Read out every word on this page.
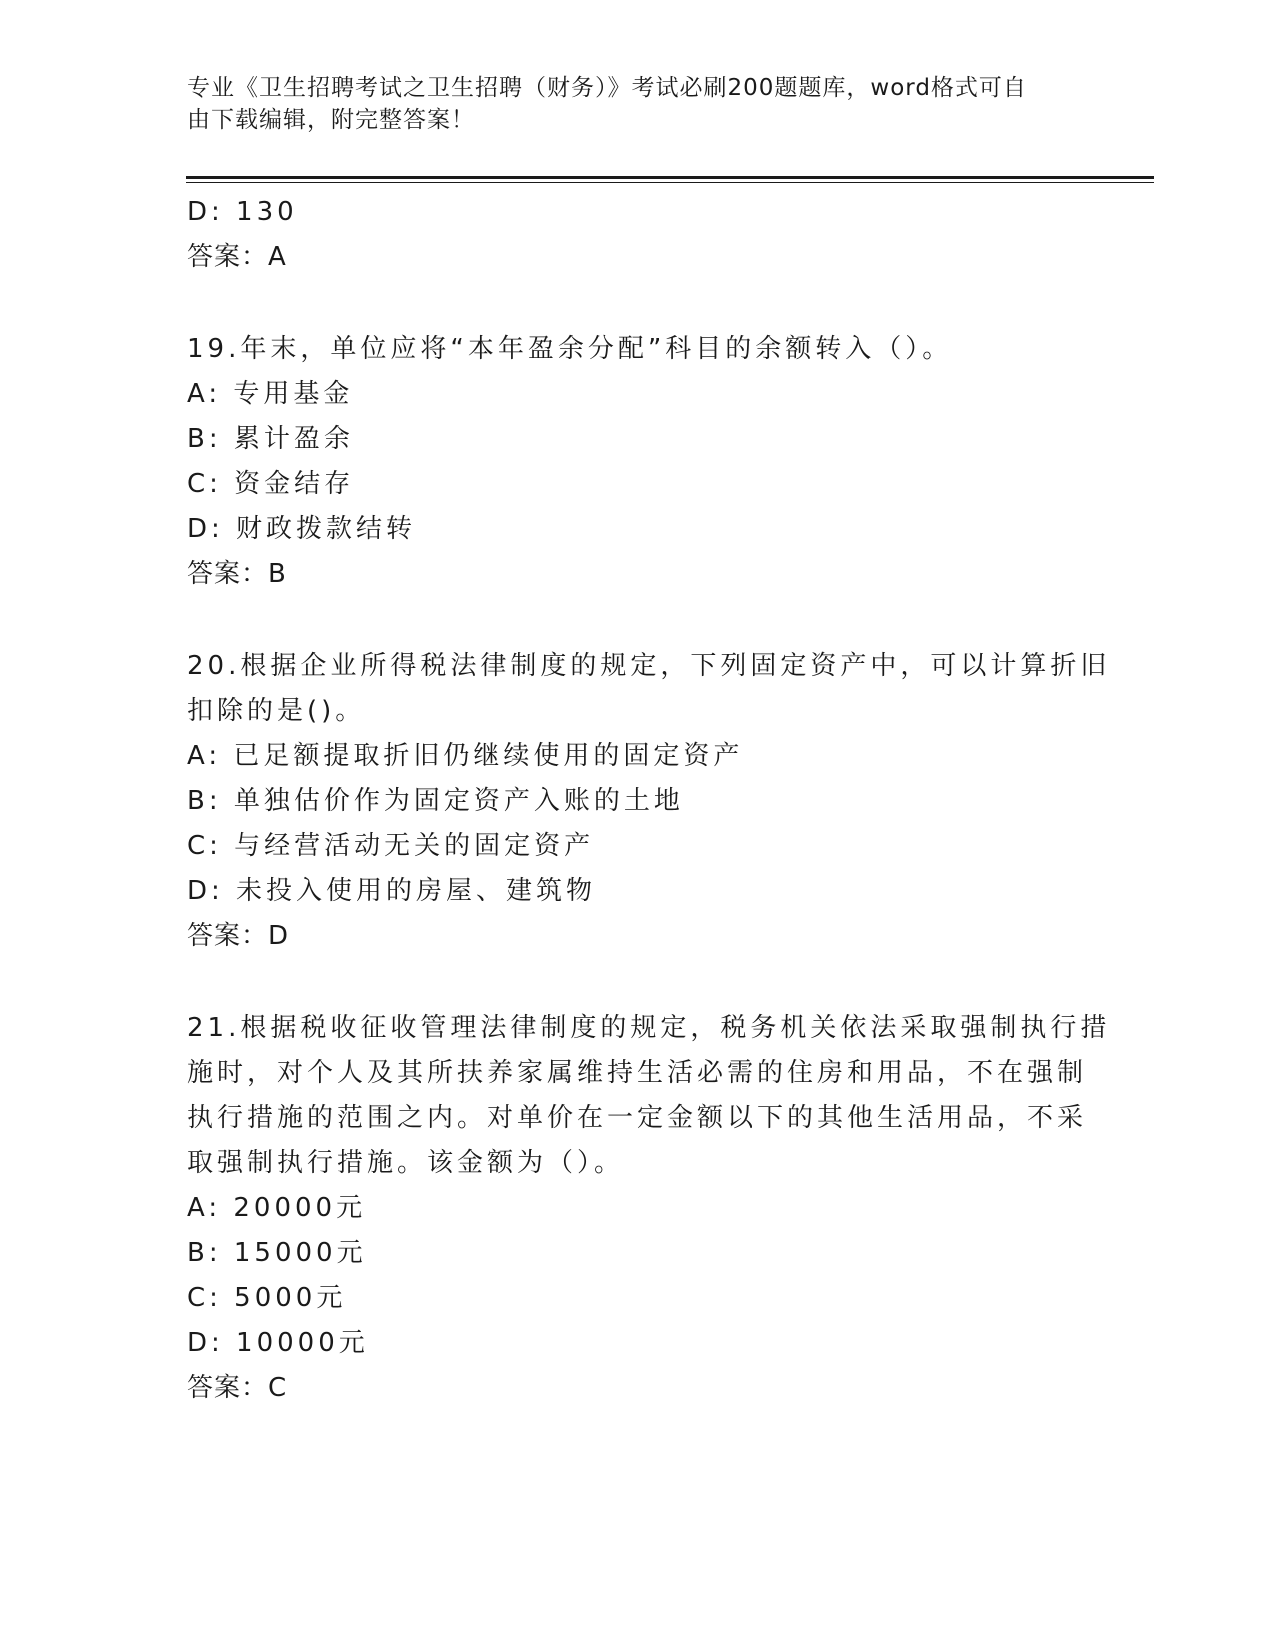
专业《卫生招聘考试之卫生招聘（财务）》考试必刷200题题库，word格式可自
由下载编辑，附完整答案！
D: 130
答案：A
19.年末，单位应将“本年盈余分配”科目的余额转入（）。
A: 专用基金
B: 累计盈余
C: 资金结存
D: 财政拨款结转
答案：B
20.根据企业所得税法律制度的规定，下列固定资产中，可以计算折旧
扣除的是()。
A: 已足额提取折旧仍继续使用的固定资产
B: 单独估价作为固定资产入账的土地
C: 与经营活动无关的固定资产
D: 未投入使用的房屋、建筑物
答案：D
21.根据税收征收管理法律制度的规定，税务机关依法采取强制执行措
施时，对个人及其所扶养家属维持生活必需的住房和用品，不在强制
执行措施的范围之内。对单价在一定金额以下的其他生活用品，不采
取强制执行措施。该金额为（）。
A: 20000元
B: 15000元
C: 5000元
D: 10000元
答案：C
